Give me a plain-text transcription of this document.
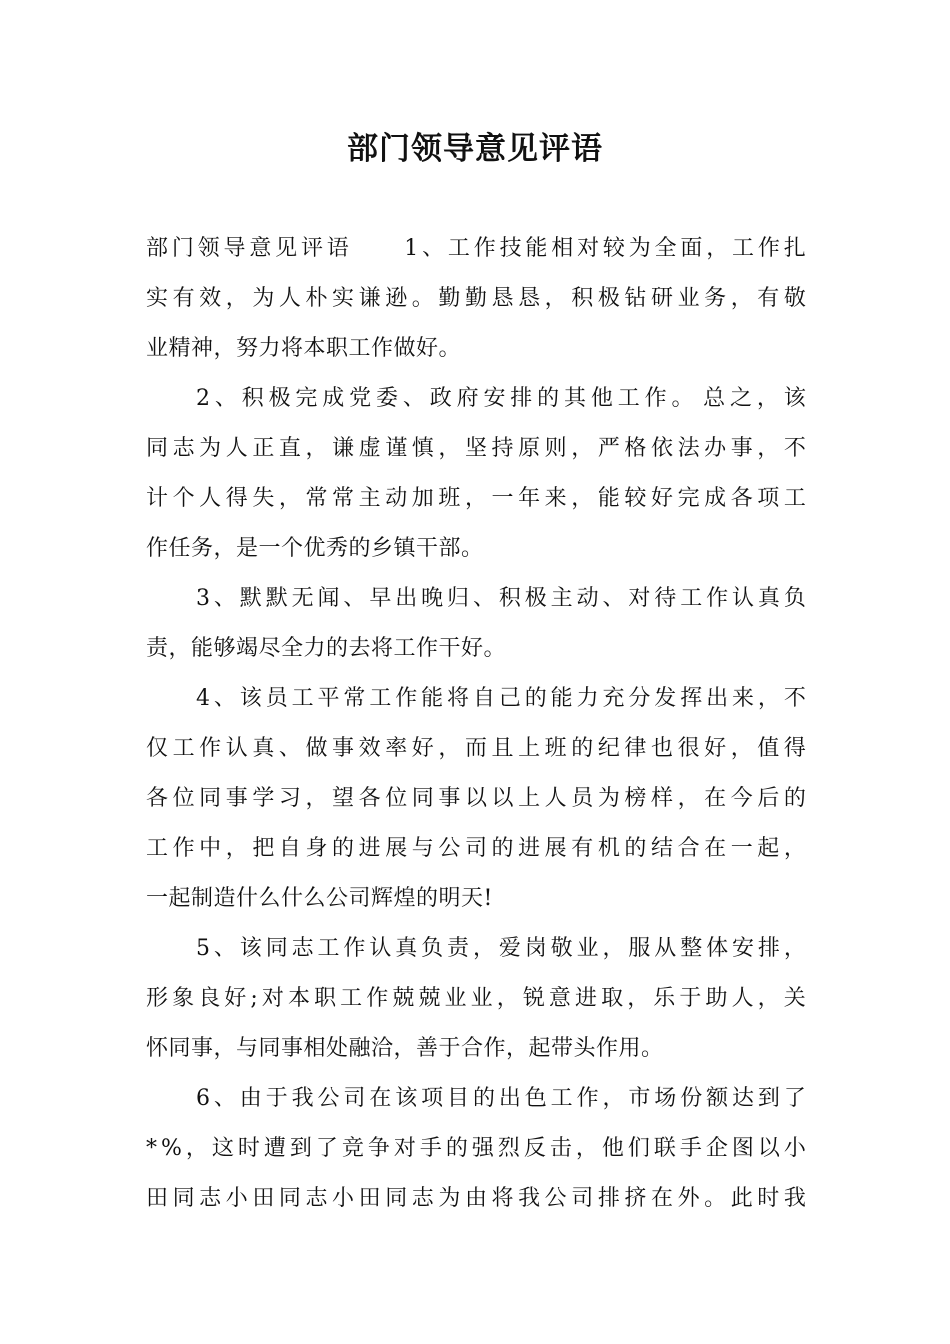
部门领导意见评语
部 门 领 导 意 见 评 语

　	1 、 工 作 技 能 相 对 较 为 全 面 ， 工 作 扎
实 有 效 ， 为 人 朴 实 谦 逊 。 勤 勤 恳 恳 ， 积 极 钻 研 业 务 ， 有 敬
业精神，努力将本职工作做好。
2 、 积 极 完 成 党 委 、 政 府 安 排 的 其 他 工 作 。 总 之 ， 该
同 志 为 人 正 直 ， 谦 虚 谨 慎 ， 坚 持 原 则 ， 严 格 依 法 办 事 ， 不
计 个 人 得 失 ， 常 常 主 动 加 班 ， 一 年 来 ， 能 较 好 完 成 各 项 工
作任务，是一个优秀的乡镇干部。
3 、 默 默 无 闻 、 早 出 晚 归 、 积 极 主 动 、 对 待 工 作 认 真 负
责，能够竭尽全力的去将工作干好。
4 、 该 员 工 平 常 工 作 能 将 自 己 的 能 力 充 分 发 挥 出 来 ， 不
仅 工 作 认 真 、 做 事 效 率 好 ， 而 且 上 班 的 纪 律 也 很 好 ， 值 得
各 位 同 事 学 习 ， 望 各 位 同 事 以 以 上 人 员 为 榜 样 ， 在 今 后 的
工 作 中 ， 把 自 身 的 进 展 与 公 司 的 进 展 有 机 的 结 合 在 一 起 ，
一起制造什么什么公司辉煌的明天!
5 、 该 同 志 工 作 认 真 负 责 ， 爱 岗 敬 业 ， 服 从 整 体 安 排 ，
形 象 良 好 ; 对 本 职 工 作 兢 兢 业 业 ， 锐 意 进 取 ， 乐 于 助 人 ， 关
怀同事，与同事相处融洽，善于合作，起带头作用。
6 、 由 于 我 公 司 在 该 项 目 的 出 色 工 作 ， 市 场 份 额 达 到 了
* % ， 这 时 遭 到 了 竞 争 对 手 的 强 烈 反 击 ， 他 们 联 手 企 图 以 小
田 同 志 小 田 同 志 小 田 同 志 为 由 将 我 公 司 排 挤 在 外 。 此 时 我
